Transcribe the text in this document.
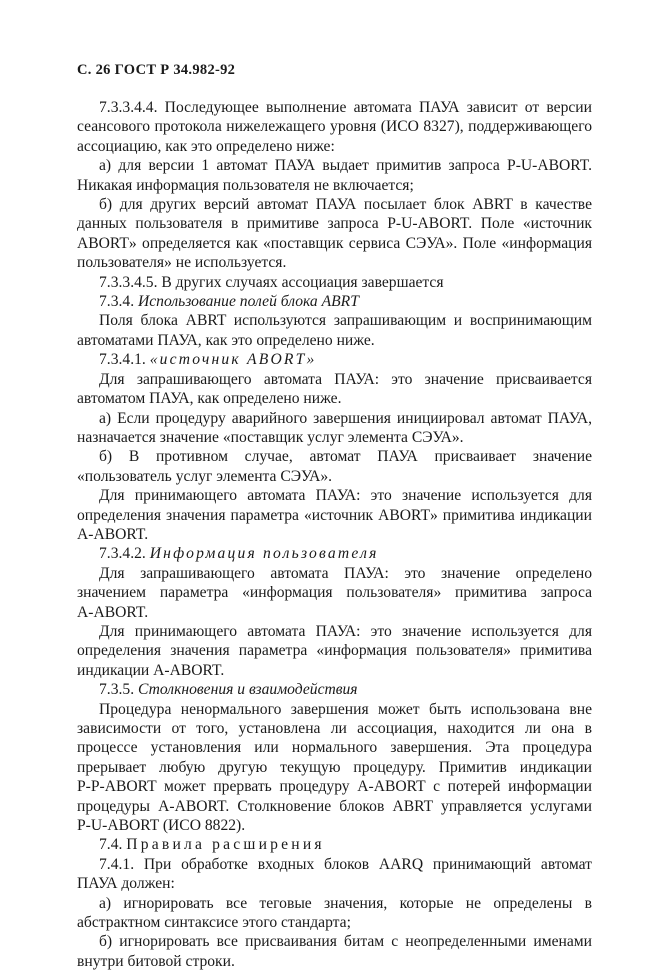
С. 26 ГОСТ Р 34.982‑92

7.3.3.4.4. Последующее выполнение автомата ПАУА зависит от версии сеансового протокола нижележащего уровня (ИСО 8327), поддерживающего ассоциацию, как это определено ниже:

а) для версии 1 автомат ПАУА выдает примитив запроса P‑U‑ABORT. Никакая информация пользователя не включается;

б) для других версий автомат ПАУА посылает блок ABRT в качестве данных пользователя в примитиве запроса P‑U‑ABORT. Поле «источник ABORT» определяется как «поставщик сервиса СЭУА». Поле «информация пользователя» не используется.

7.3.3.4.5. В других случаях ассоциация завершается

7.3.4. Использование полей блока ABRT

Поля блока ABRT используются запрашивающим и воспринимающим автоматами ПАУА, как это определено ниже.

7.3.4.1. «источник ABORT»

Для запрашивающего автомата ПАУА: это значение присваивается автоматом ПАУА, как определено ниже.

а) Если процедуру аварийного завершения инициировал автомат ПАУА, назначается значение «поставщик услуг элемента СЭУА».

б) В противном случае, автомат ПАУА присваивает значение «пользователь услуг элемента СЭУА».

Для принимающего автомата ПАУА: это значение используется для определения значения параметра «источник ABORT» примитива индикации A‑ABORT.

7.3.4.2. Информация пользователя

Для запрашивающего автомата ПАУА: это значение определено значением параметра «информация пользователя» примитива запроса A‑ABORT.

Для принимающего автомата ПАУА: это значение используется для определения значения параметра «информация пользователя» примитива индикации A‑ABORT.

7.3.5. Столкновения и взаимодействия

Процедура ненормального завершения может быть использована вне зависимости от того, установлена ли ассоциация, находится ли она в процессе установления или нормального завершения. Эта процедура прерывает любую другую текущую процедуру. Примитив индикации P‑P‑ABORT может прервать процедуру A‑ABORT с потерей информации процедуры A‑ABORT. Столкновение блоков ABRT управляется услугами P‑U‑ABORT (ИСО 8822).

7.4. Правила расширения

7.4.1. При обработке входных блоков AARQ принимающий автомат ПАУА должен:

а) игнорировать все теговые значения, которые не определены в абстрактном синтаксисе этого стандарта;

б) игнорировать все присваивания битам с неопределенными именами внутри битовой строки.
